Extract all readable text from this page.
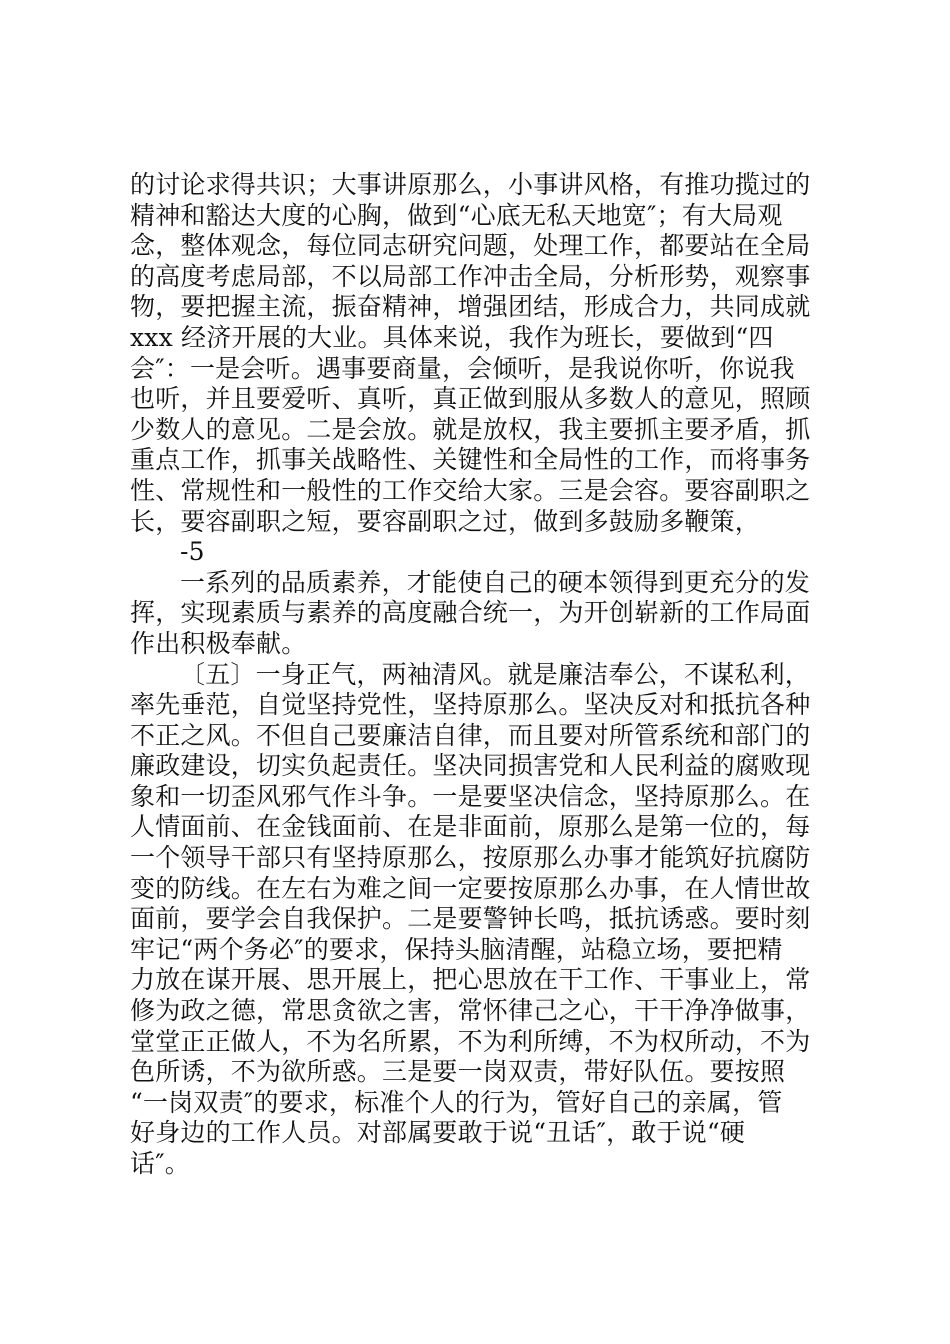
的讨论求得共识；大事讲原那么，小事讲风格，有推功揽过的
精神和豁达大度的心胸，做到“心底无私天地宽″；有大局观
念，整体观念，每位同志研究问题，处理工作，都要站在全局
的高度考虑局部，不以局部工作冲击全局，分析形势，观察事
物，要把握主流，振奋精神，增强团结，形成合力，共同成就
xxx 经济开展的大业。具体来说，我作为班长，要做到“四
会″：一是会听。遇事要商量，会倾听，是我说你听，你说我
也听，并且要爱听、真听，真正做到服从多数人的意见，照顾
少数人的意见。二是会放。就是放权，我主要抓主要矛盾，抓
重点工作，抓事关战略性、关键性和全局性的工作，而将事务
性、常规性和一般性的工作交给大家。三是会容。要容副职之
长，要容副职之短，要容副职之过，做到多鼓励多鞭策，
-5
一系列的品质素养，才能使自己的硬本领得到更充分的发
挥，实现素质与素养的高度融合统一，为开创崭新的工作局面
作出积极奉献。
〔五〕一身正气，两袖清风。就是廉洁奉公，不谋私利，
率先垂范，自觉坚持党性，坚持原那么。坚决反对和抵抗各种
不正之风。不但自己要廉洁自律，而且要对所管系统和部门的
廉政建设，切实负起责任。坚决同损害党和人民利益的腐败现
象和一切歪风邪气作斗争。一是要坚决信念，坚持原那么。在
人情面前、在金钱面前、在是非面前，原那么是第一位的，每
一个领导干部只有坚持原那么，按原那么办事才能筑好抗腐防
变的防线。在左右为难之间一定要按原那么办事，在人情世故
面前，要学会自我保护。二是要警钟长鸣，抵抗诱惑。要时刻
牢记“两个务必″的要求，保持头脑清醒，站稳立场，要把精
力放在谋开展、思开展上，把心思放在干工作、干事业上，常
修为政之德，常思贪欲之害，常怀律己之心，干干净净做事，
堂堂正正做人，不为名所累，不为利所缚，不为权所动，不为
色所诱，不为欲所惑。三是要一岗双责，带好队伍。要按照
“一岗双责″的要求，标准个人的行为，管好自己的亲属，管
好身边的工作人员。对部属要敢于说“丑话″，敢于说“硬
话″。
